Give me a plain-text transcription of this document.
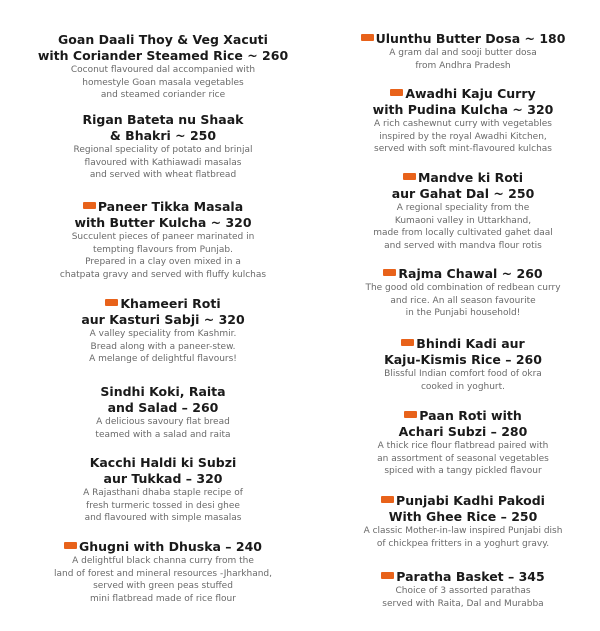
Goan Daali Thoy & Veg Xacuti
with Coriander Steamed Rice ~ 260
Coconut flavoured dal accompanied with
homestyle Goan masala vegetables
and steamed coriander rice
Rigan Bateta nu Shaak
& Bhakri ~ 250
Regional speciality of potato and brinjal
flavoured with Kathiawadi masalas
and served with wheat flatbread
Paneer Tikka Masala
with Butter Kulcha ~ 320
Succulent pieces of paneer marinated in
tempting flavours from Punjab.
Prepared in a clay oven mixed in a
chatpata gravy and served with fluffy kulchas
Khameeri Roti
aur Kasturi Sabji ~ 320
A valley speciality from Kashmir.
Bread along with a paneer-stew.
A melange of delightful flavours!
Sindhi Koki, Raita
and Salad – 260
A delicious savoury flat bread
teamed with a salad and raita
Kacchi Haldi ki Subzi
aur Tukkad – 320
A Rajasthani dhaba staple recipe of
fresh turmeric tossed in desi ghee
and flavoured with simple masalas
Ghugni with Dhuska – 240
A delightful black channa curry from the
land of forest and mineral resources -Jharkhand,
served with green peas stuffed
mini flatbread made of rice flour
Ulunthu Butter Dosa ~ 180
A gram dal and sooji butter dosa
from Andhra Pradesh
Awadhi Kaju Curry
with Pudina Kulcha ~ 320
A rich cashewnut curry with vegetables
inspired by the royal Awadhi Kitchen,
served with soft mint-flavoured kulchas
Mandve ki Roti
aur Gahat Dal ~ 250
A regional speciality from the
Kumaoni valley in Uttarkhand,
made from locally cultivated gahet daal
and served with mandva flour rotis
Rajma Chawal ~ 260
The good old combination of redbean curry
and rice. An all season favourite
in the Punjabi household!
Bhindi Kadi aur
Kaju-Kismis Rice – 260
Blissful Indian comfort food of okra
cooked in yoghurt.
Paan Roti with
Achari Subzi – 280
A thick rice flour flatbread paired with
an assortment of seasonal vegetables
spiced with a tangy pickled flavour
Punjabi Kadhi Pakodi
With Ghee Rice – 250
A classic Mother-in-law inspired Punjabi dish
of chickpea fritters in a yoghurt gravy.
Paratha Basket – 345
Choice of 3 assorted parathas
served with Raita, Dal and Murabba
